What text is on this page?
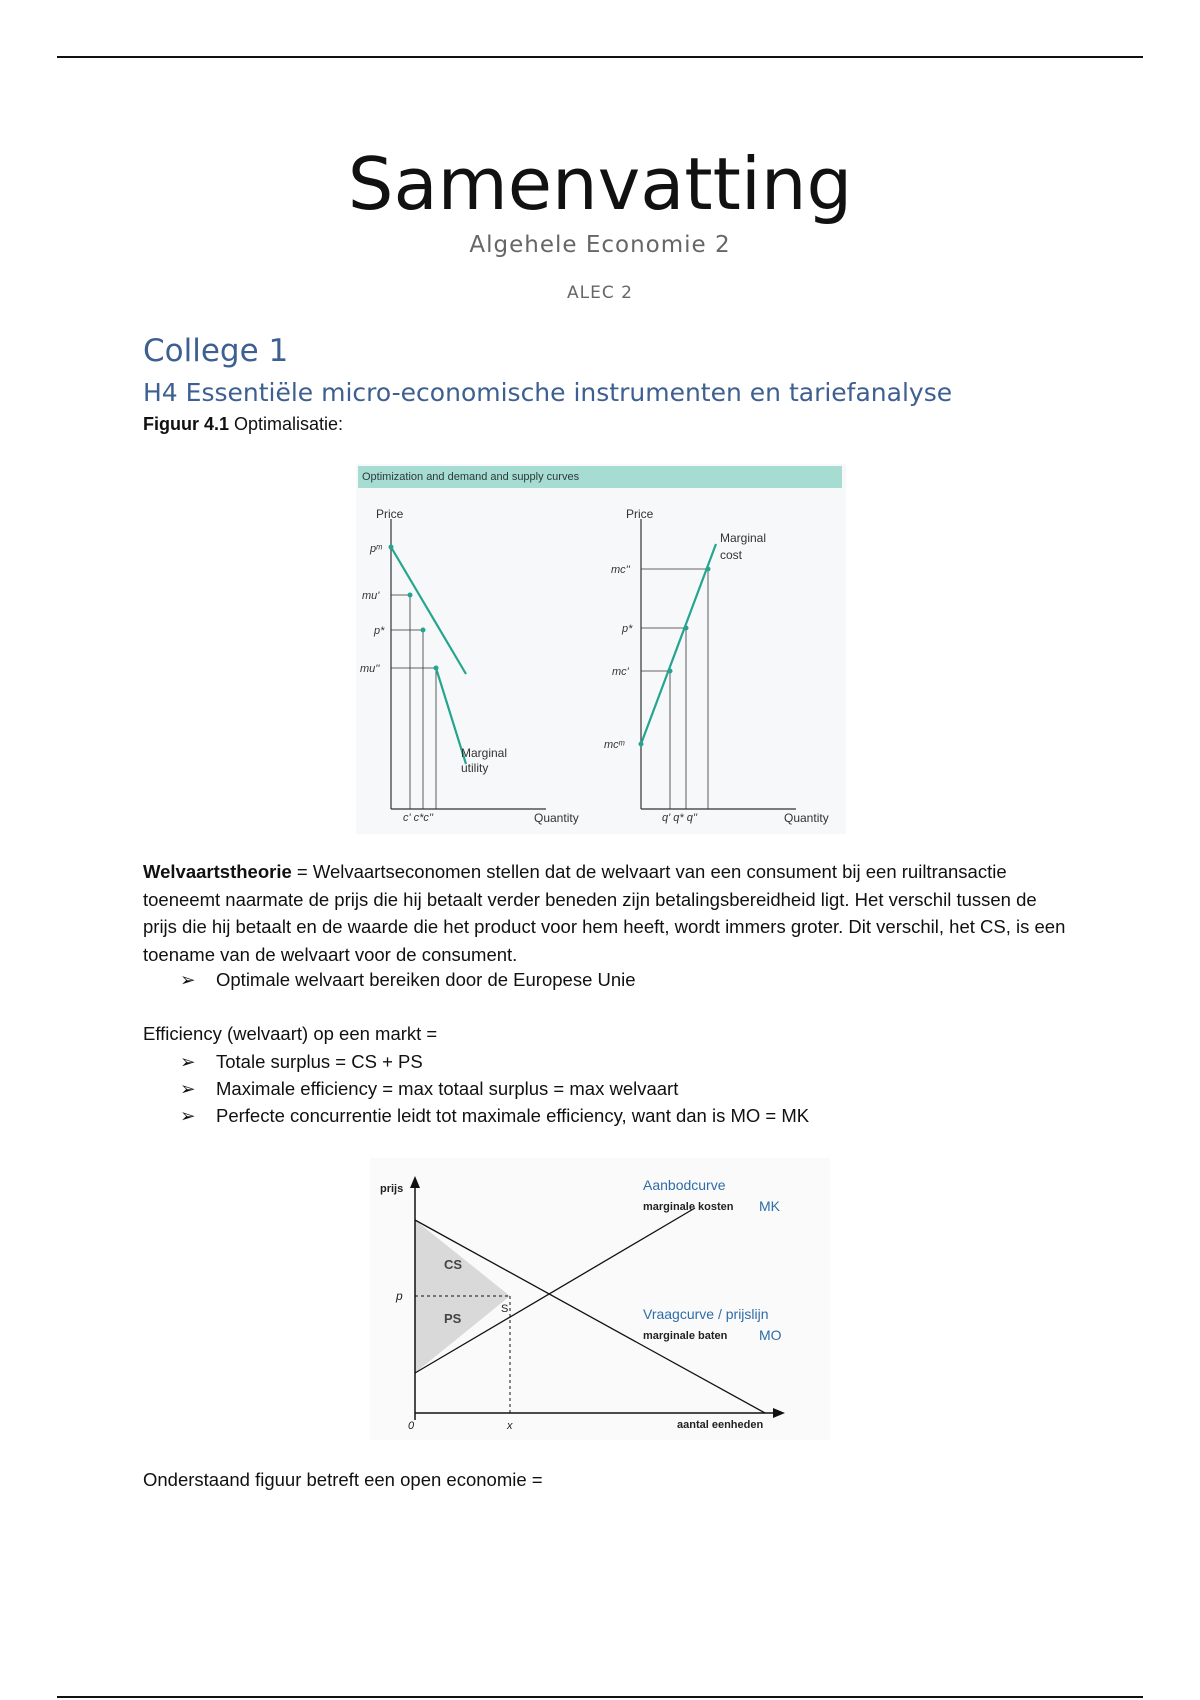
Samenvatting
Algehele Economie 2
ALEC 2
College 1
H4 Essentiële micro-economische instrumenten en tariefanalyse
Figuur 4.1 Optimalisatie:
Optimization and demand and supply curves
Price
Quantity
pᵐ
mu'
p*
mu''
c' c*c''
Marginal
utility
Price
Quantity
mc''
p*
mc'
mcᵐ
q' q* q''
Marginal
cost
Welvaartstheorie = Welvaartseconomen stellen dat de welvaart van een consument bij een ruiltransactie toeneemt naarmate de prijs die hij betaalt verder beneden zijn betalingsbereidheid ligt. Het verschil tussen de prijs die hij betaalt en de waarde die het product voor hem heeft, wordt immers groter. Dit verschil, het CS, is een toename van de welvaart voor de consument.
➢ Optimale welvaart bereiken door de Europese Unie
Efficiency (welvaart) op een markt =
➢ Totale surplus = CS + PS
➢ Maximale efficiency = max totaal surplus = max welvaart
➢ Perfecte concurrentie leidt tot maximale efficiency, want dan is MO = MK
prijs
aantal eenheden
0
p
x
S
CS
PS
Aanbodcurve
marginale kosten MK
Vraagcurve / prijslijn
marginale baten MO
Onderstaand figuur betreft een open economie =
